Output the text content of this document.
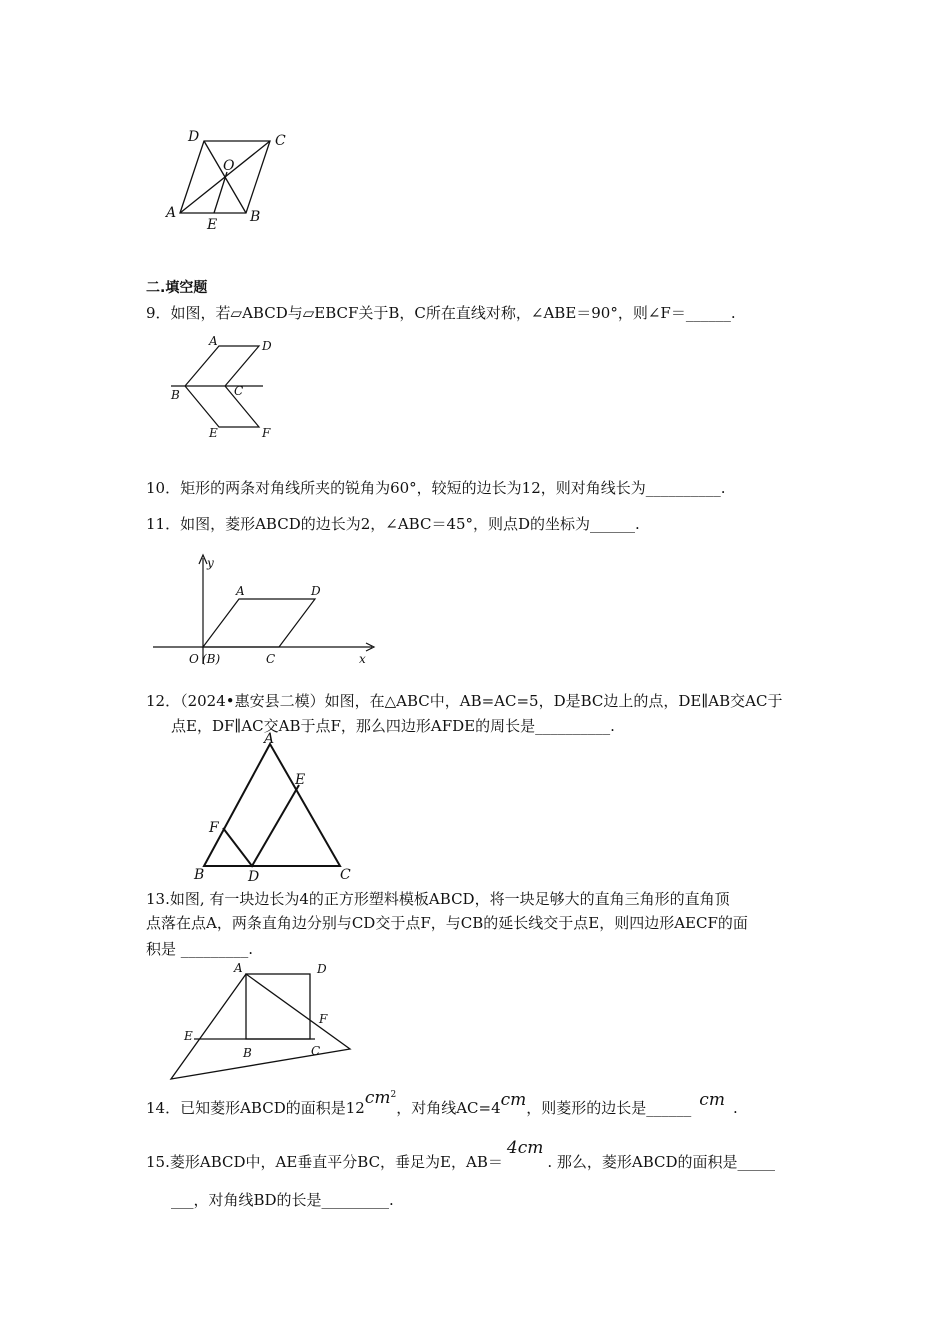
D	C
O
A
E B
二.填空题
9．如图，若▱ABCD与▱EBCF关于B，C所在直线对称，∠ABE＝90°，则∠F＝______.
A	D
B	C
E	F
10．矩形的两条对角线所夹的锐角为60°，较短的边长为12，则对角线长为__________.
11．如图，菱形ABCD的边长为2，∠ABC＝45°，则点D的坐标为______.
y
A	D
O (B)	C	x
12．（2024•惠安县二模）如图，在△ABC中，AB=AC=5，D是BC边上的点，DE∥AB交AC于
点E，DF∥AC交AB于点F，那么四边形AFDE的周长是__________.
A
E
F
B	D	C
13.如图, 有一块边长为4的正方形塑料模板ABCD，将一块足够大的直角三角形的直角顶
点落在点A，两条直角边分别与CD交于点F，与CB的延长线交于点E，则四边形AECF的面
积是 _________.
A	D
E
F
B	C
14．已知菱形ABCD的面积是$12cm^2$，对角线AC=4cm，则菱形的边长是______ cm .
15.菱形ABCD中，AE垂直平分BC，垂足为E，AB＝4cm. 那么，菱形ABCD的面积是_____
___，对角线BD的长是_________.
